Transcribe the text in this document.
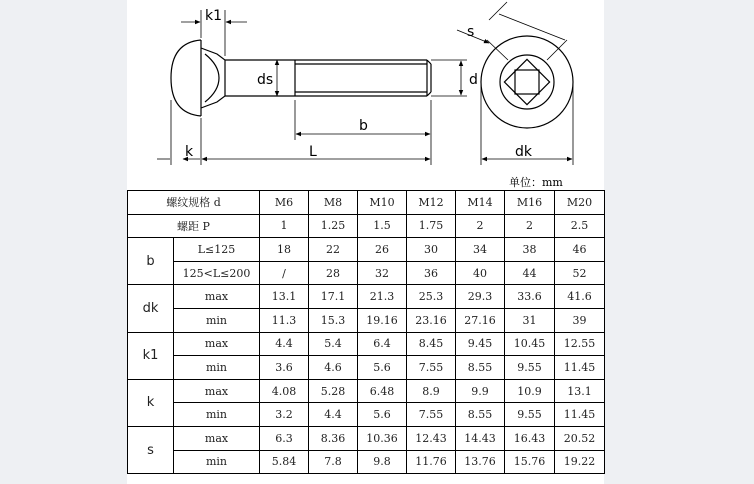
k1
ds	d
b
k	L
s
dk
单位：mm
螺纹规格 d		M6	M8	M10	M12	M14	M16	M20
螺距 P		1	1.25	1.5	1.75	2	2	2.5
b	L≤125	18	22	26	30	34	38	46
	125<L≤200	/	28	32	36	40	44	52
dk	max	13.1	17.1	21.3	25.3	29.3	33.6	41.6
	min	11.3	15.3	19.16	23.16	27.16	31	39
k1	max	4.4	5.4	6.4	8.45	9.45	10.45	12.55
	min	3.6	4.6	5.6	7.55	8.55	9.55	11.45
k	max	4.08	5.28	6.48	8.9	9.9	10.9	13.1
	min	3.2	4.4	5.6	7.55	8.55	9.55	11.45
s	max	6.3	8.36	10.36	12.43	14.43	16.43	20.52
	min	5.84	7.8	9.8	11.76	13.76	15.76	19.22
